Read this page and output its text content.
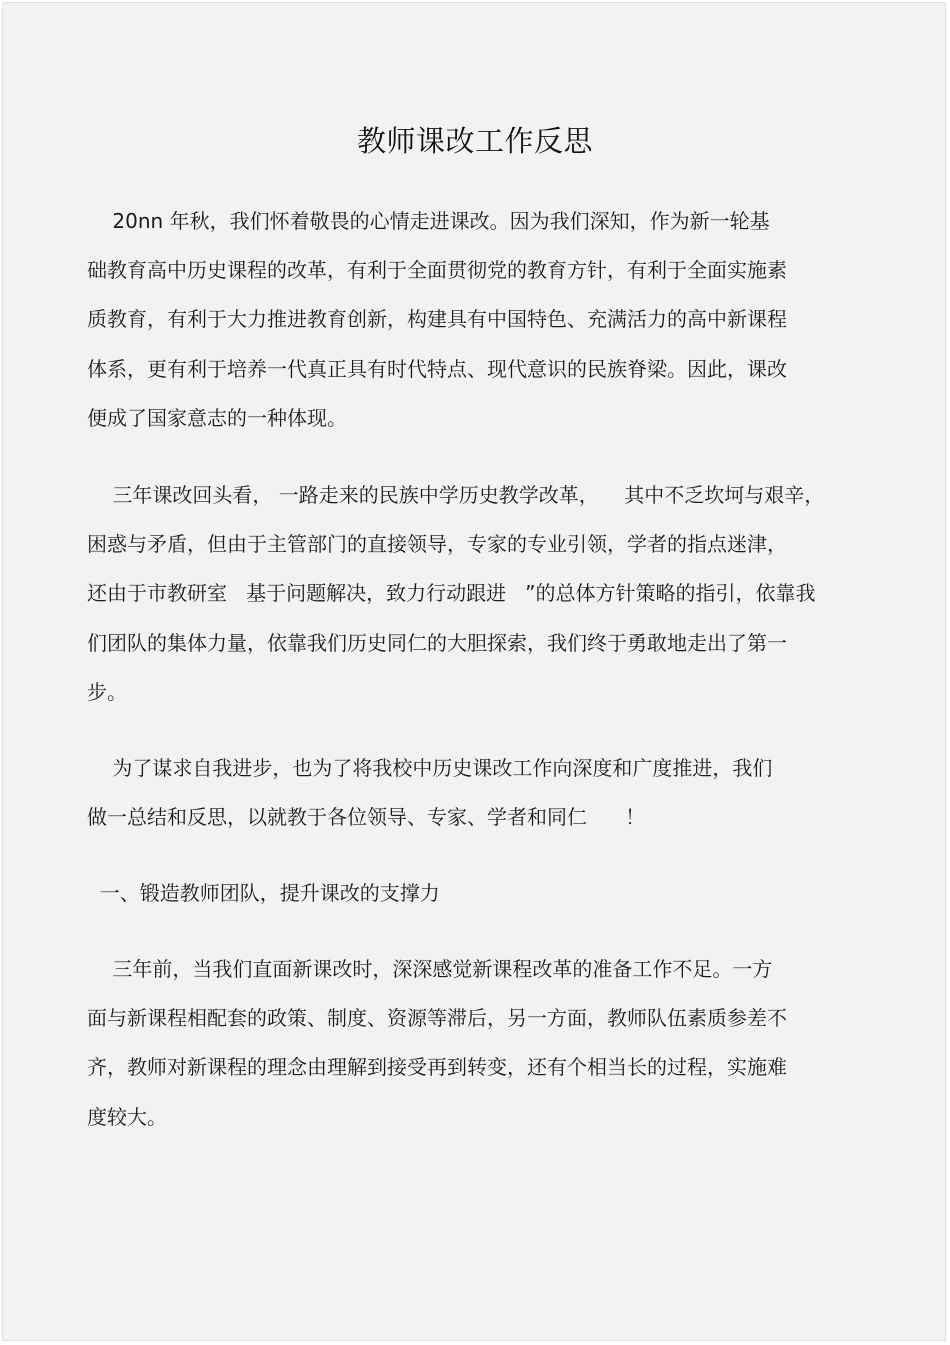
教师课改工作反思
20nn 年秋，我们怀着敬畏的心情走进课改。因为我们深知，作为新一轮基
础教育高中历史课程的改革，有利于全面贯彻党的教育方针，有利于全面实施素
质教育，有利于大力推进教育创新，构建具有中国特色、充满活力的高中新课程
体系，更有利于培养一代真正具有时代特点、现代意识的民族脊梁。因此，课改
便成了国家意志的一种体现。
三年课改回头看， 一路走来的民族中学历史教学改革，    其中不乏坎坷与艰辛，
困惑与矛盾，但由于主管部门的直接领导，专家的专业引领，学者的指点迷津，
还由于市教研室   基于问题解决，致力行动跟进   ”的总体方针策略的指引，依靠我
们团队的集体力量，依靠我们历史同仁的大胆探索，我们终于勇敢地走出了第一
步。
为了谋求自我进步，也为了将我校中历史课改工作向深度和广度推进，我们
做一总结和反思，以就教于各位领导、专家、学者和同仁      ！
一、锻造教师团队，提升课改的支撑力
三年前，当我们直面新课改时，深深感觉新课程改革的准备工作不足。一方
面与新课程相配套的政策、制度、资源等滞后，另一方面，教师队伍素质参差不
齐，教师对新课程的理念由理解到接受再到转变，还有个相当长的过程，实施难
度较大。
